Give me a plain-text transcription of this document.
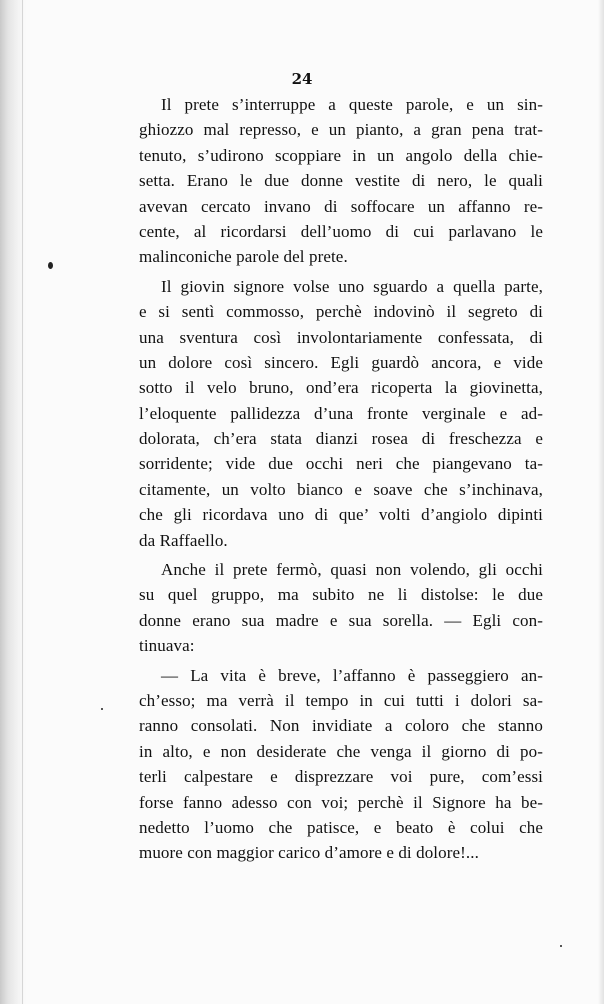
24

Il prete s’interruppe a queste parole, e un sin-
ghiozzo mal represso, e un pianto, a gran pena trat-
tenuto, s’udirono scoppiare in un angolo della chie-
setta. Erano le due donne vestite di nero, le quali
avevan cercato invano di soffocare un affanno re-
cente, al ricordarsi dell’uomo di cui parlavano le
malinconiche parole del prete.
Il giovin signore volse uno sguardo a quella parte,
e si sentì commosso, perchè indovinò il segreto di
una sventura così involontariamente confessata, di
un dolore così sincero. Egli guardò ancora, e vide
sotto il velo bruno, ond’era ricoperta la giovinetta,
l’eloquente pallidezza d’una fronte verginale e ad-
dolorata, ch’era stata dianzi rosea di freschezza e
sorridente; vide due occhi neri che piangevano ta-
citamente, un volto bianco e soave che s’inchinava,
che gli ricordava uno di que’ volti d’angiolo dipinti
da Raffaello.
Anche il prete fermò, quasi non volendo, gli occhi
su quel gruppo, ma subito ne li distolse: le due
donne erano sua madre e sua sorella. — Egli con-
tinuava:
— La vita è breve, l’affanno è passeggiero an-
ch’esso; ma verrà il tempo in cui tutti i dolori sa-
ranno consolati. Non invidiate a coloro che stanno
in alto, e non desiderate che venga il giorno di po-
terli calpestare e disprezzare voi pure, com’essi
forse fanno adesso con voi; perchè il Signore ha be-
nedetto l’uomo che patisce, e beato è colui che
muore con maggior carico d’amore e di dolore!...
